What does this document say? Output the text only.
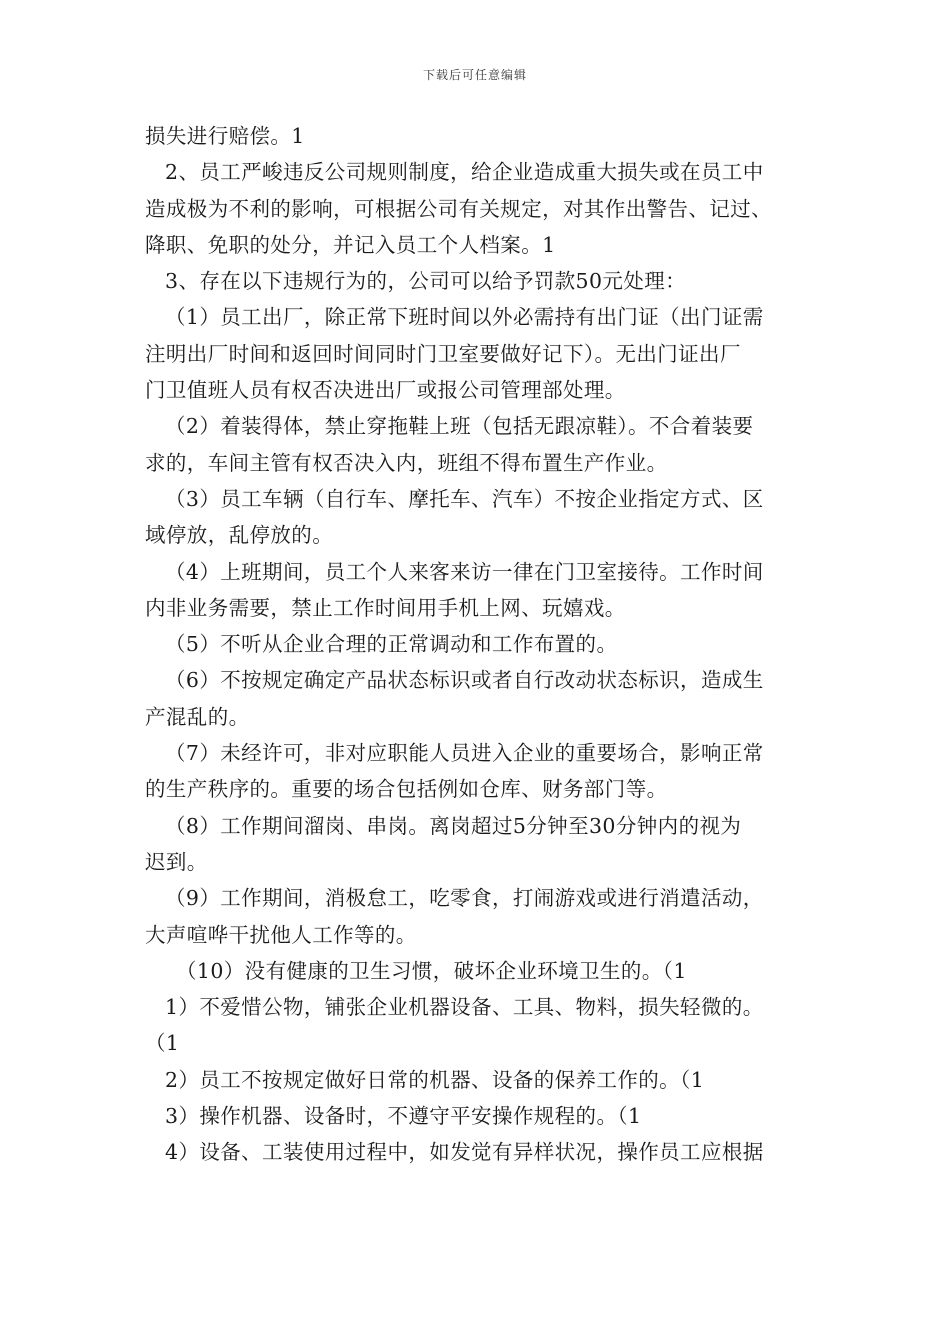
下载后可任意编辑
损失进行赔偿。1
2、员工严峻违反公司规则制度，给企业造成重大损失或在员工中
造成极为不利的影响，可根据公司有关规定，对其作出警告、记过、
降职、免职的处分，并记入员工个人档案。1
3、存在以下违规行为的，公司可以给予罚款50元处理：
（1）员工出厂，除正常下班时间以外必需持有出门证（出门证需
注明出厂时间和返回时间同时门卫室要做好记下）。无出门证出厂
门卫值班人员有权否决进出厂或报公司管理部处理。
（2）着装得体，禁止穿拖鞋上班（包括无跟凉鞋）。不合着装要
求的，车间主管有权否决入内，班组不得布置生产作业。
（3）员工车辆（自行车、摩托车、汽车）不按企业指定方式、区
域停放，乱停放的。
（4）上班期间，员工个人来客来访一律在门卫室接待。工作时间
内非业务需要，禁止工作时间用手机上网、玩嬉戏。
（5）不听从企业合理的正常调动和工作布置的。
（6）不按规定确定产品状态标识或者自行改动状态标识，造成生
产混乱的。
（7）未经许可，非对应职能人员进入企业的重要场合，影响正常
的生产秩序的。重要的场合包括例如仓库、财务部门等。
（8）工作期间溜岗、串岗。离岗超过5分钟至30分钟内的视为
迟到。
（9）工作期间，消极怠工，吃零食，打闹游戏或进行消遣活动，
大声喧哗干扰他人工作等的。
（10）没有健康的卫生习惯，破坏企业环境卫生的。（1
1）不爱惜公物，铺张企业机器设备、工具、物料，损失轻微的。
（1
2）员工不按规定做好日常的机器、设备的保养工作的。（1
3）操作机器、设备时，不遵守平安操作规程的。（1
4）设备、工装使用过程中，如发觉有异样状况，操作员工应根据
